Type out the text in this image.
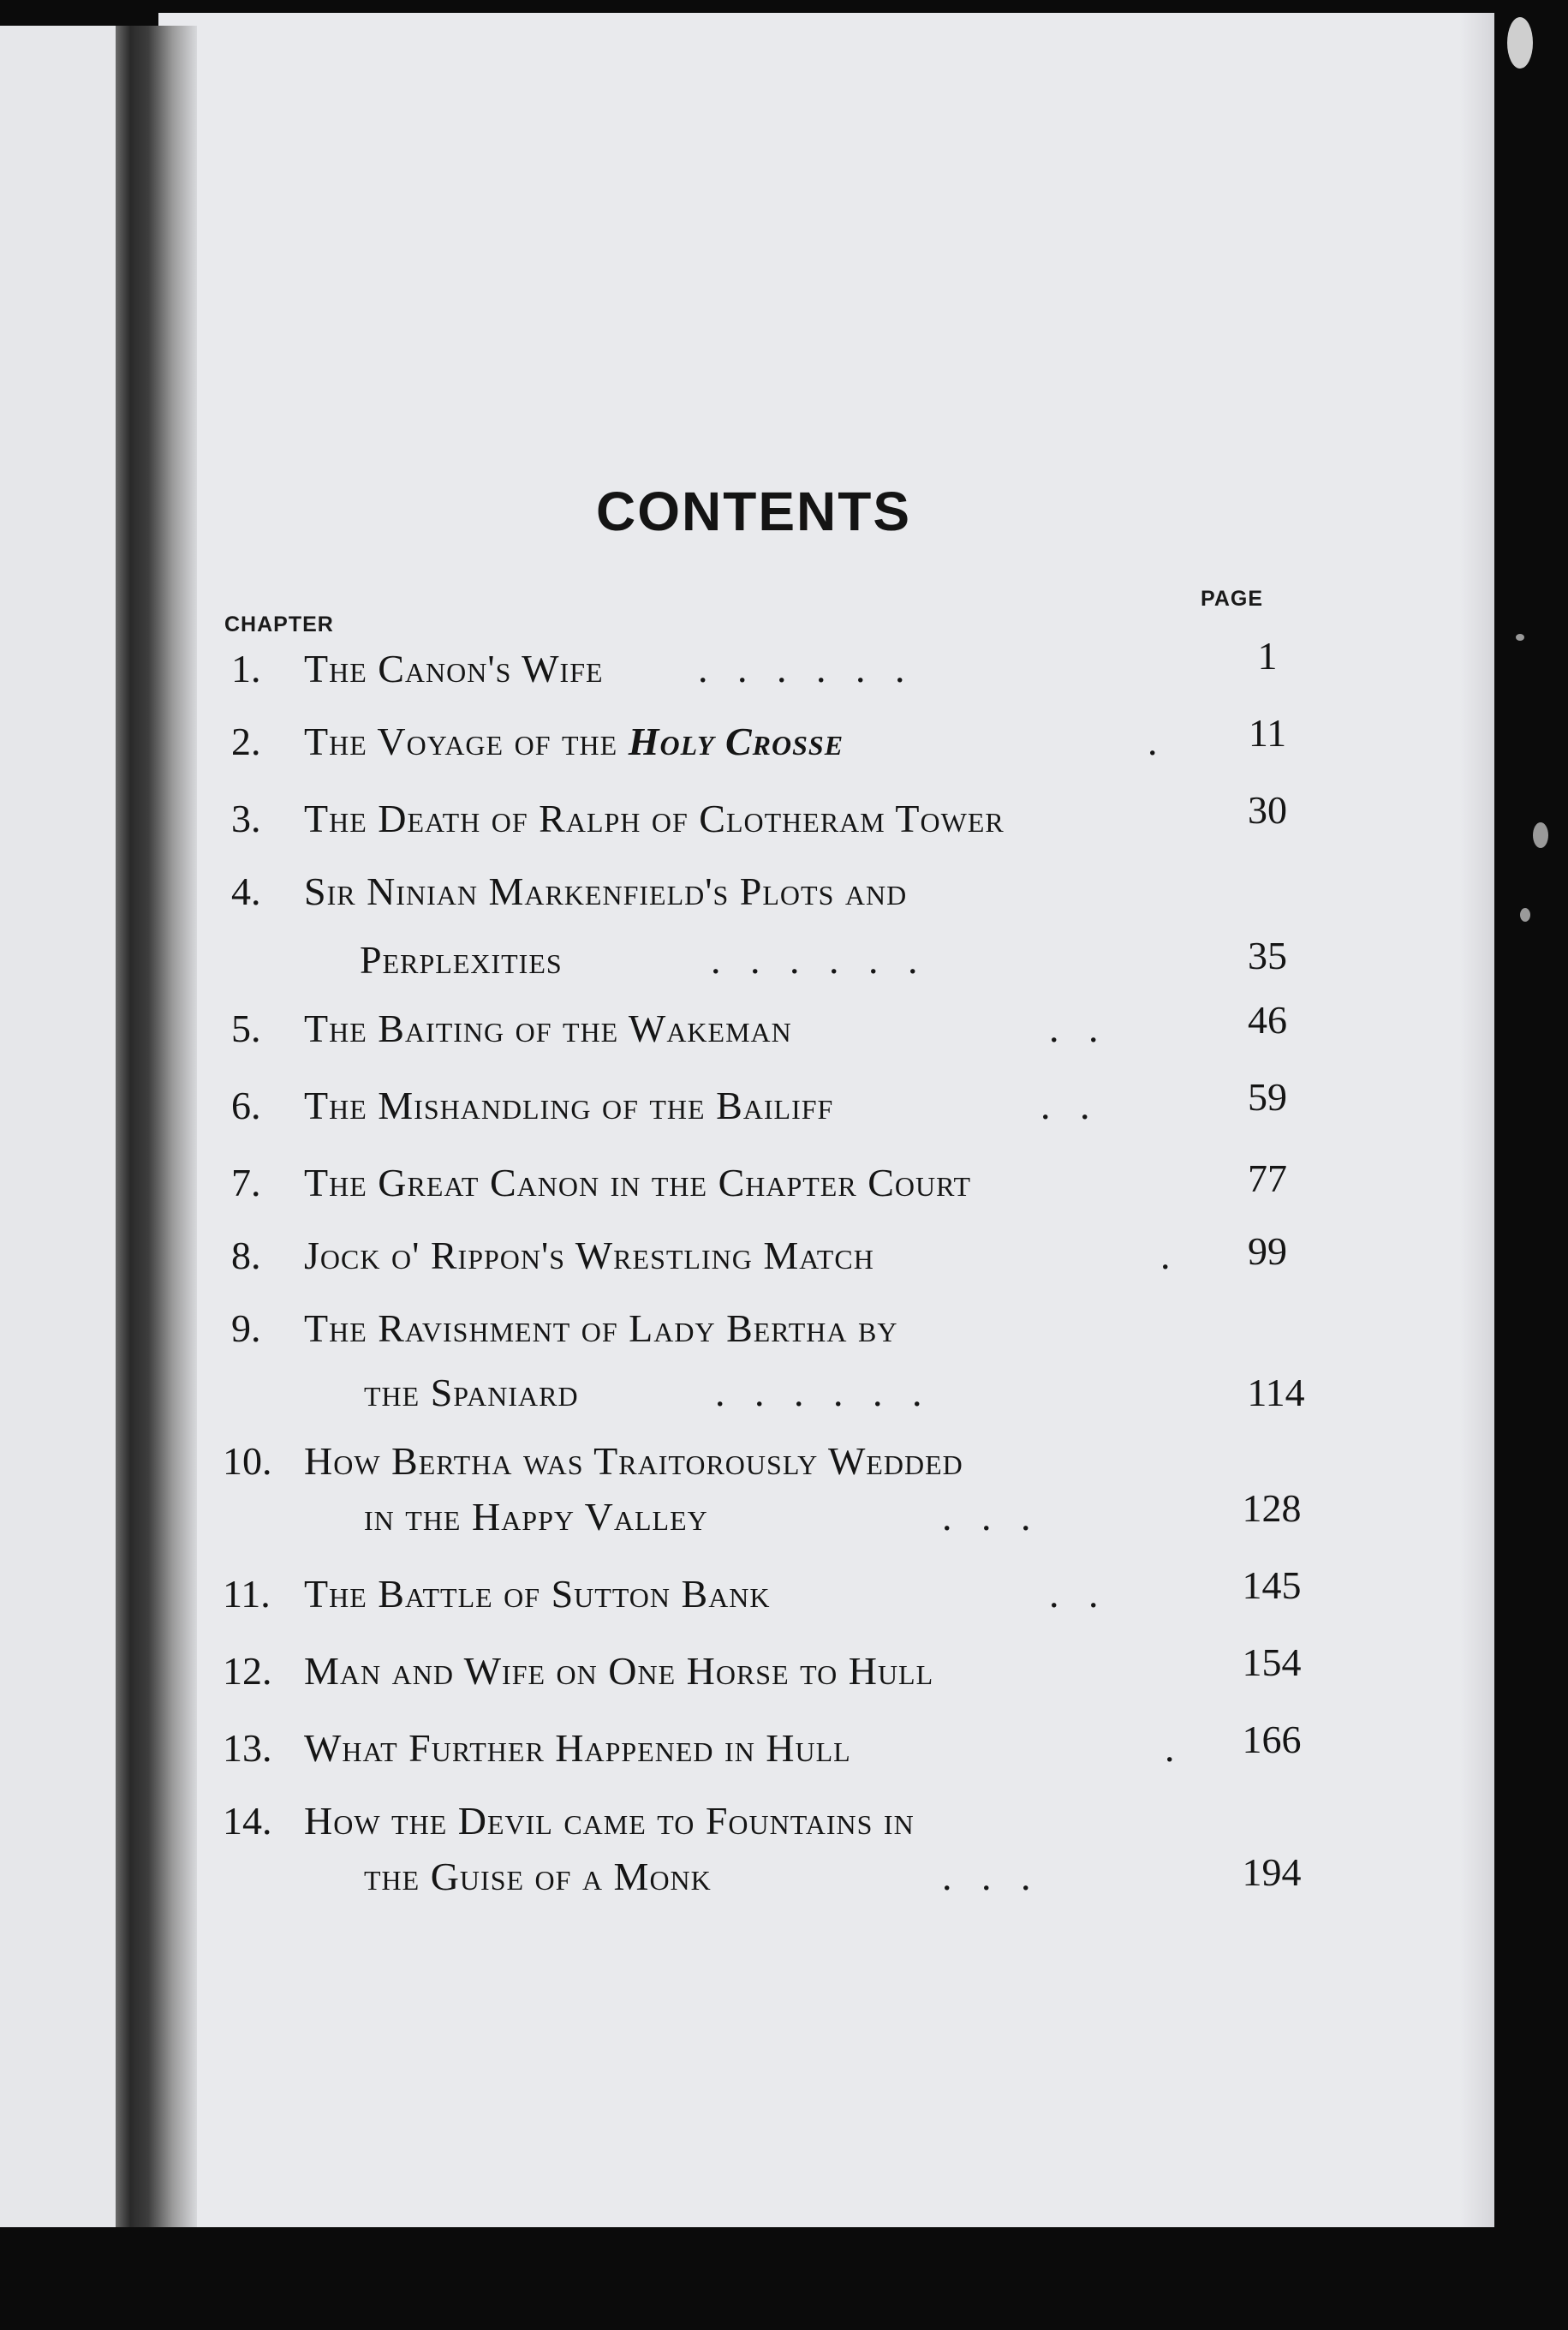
CONTENTS
CHAPTER
PAGE
1.	The Canon's Wife .   .   .   .   .   .	1
2.	The Voyage of the Holy Crosse	.	11
3.	The Death of Ralph of Clotheram Tower	30
4.	Sir Ninian Markenfield's Plots and
Perplexities	.   .   .   .   .   .	35
5.	The Baiting of the Wakeman	.   .	46
6.	The Mishandling of the Bailiff	.   .	59
7.	The Great Canon in the Chapter Court	77
8.	Jock o' Rippon's Wrestling Match	.	99
9.	The Ravishment of Lady Bertha by
the Spaniard	.   .   .   .   .   .	114
10. How Bertha was Traitorously Wedded
in the Happy Valley	.   .   .	128
11. The Battle of Sutton Bank	.   .	145
12. Man and Wife on One Horse to Hull	154
13. What Further Happened in Hull	. 166
14. How the Devil came to Fountains in
the Guise of a Monk	.   .   .	194
